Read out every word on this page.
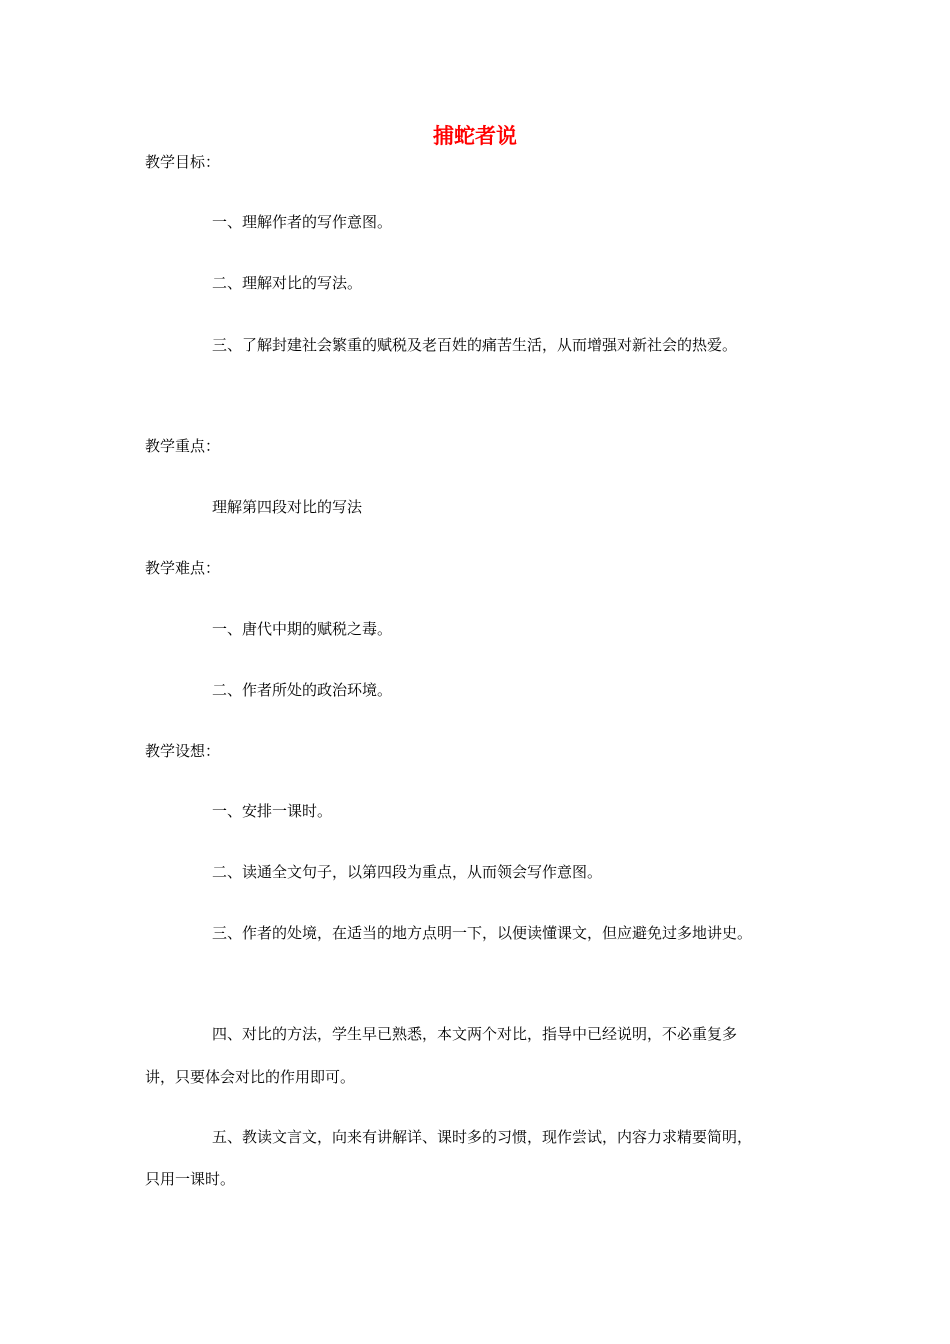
捕蛇者说
教学目标：
一、理解作者的写作意图。
二、理解对比的写法。
三、了解封建社会繁重的赋税及老百姓的痛苦生活，从而增强对新社会的热爱。
教学重点：
理解第四段对比的写法
教学难点：
一、唐代中期的赋税之毒。
二、作者所处的政治环境。
教学设想：
一、安排一课时。
二、读通全文句子，以第四段为重点，从而领会写作意图。
三、作者的处境，在适当的地方点明一下，以便读懂课文，但应避免过多地讲史。
四、对比的方法，学生早已熟悉，本文两个对比，指导中已经说明，不必重复多
讲，只要体会对比的作用即可。
五、教读文言文，向来有讲解详、课时多的习惯，现作尝试，内容力求精要简明，
只用一课时。
